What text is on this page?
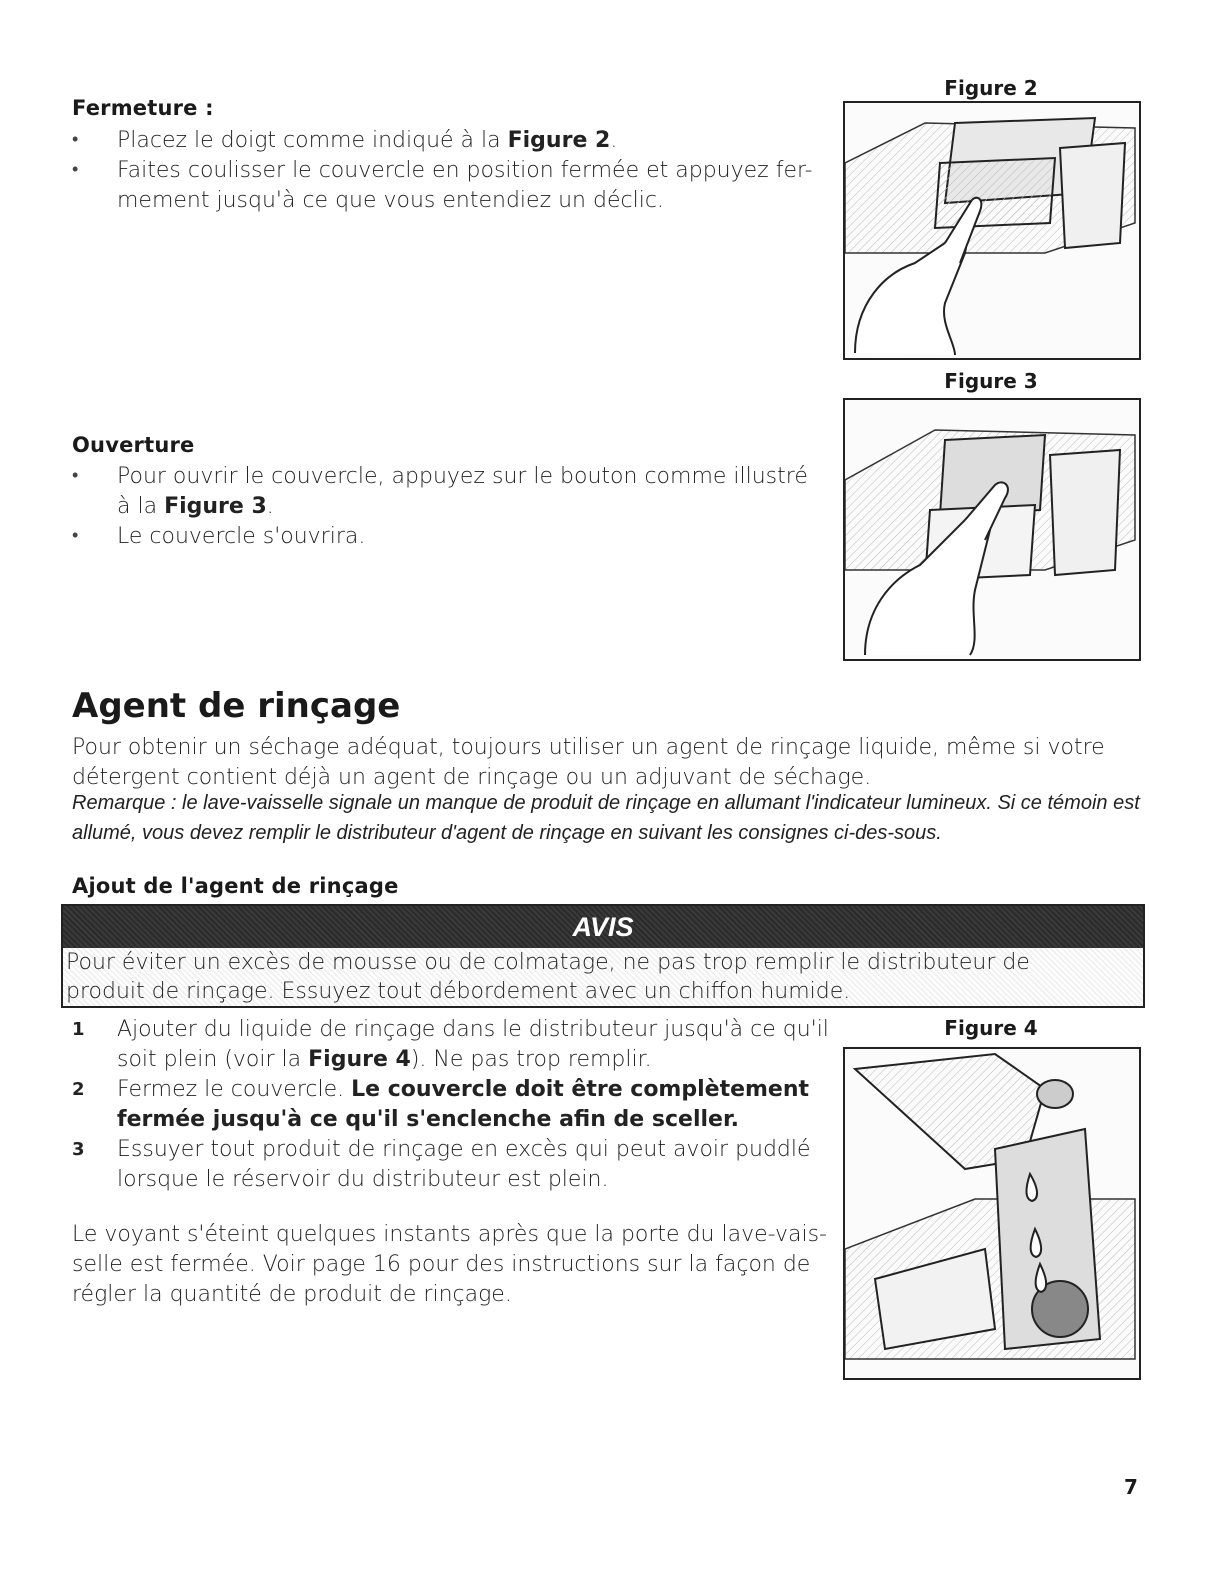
Fermeture :
• Placez le doigt comme indiqué à la Figure 2.
• Faites coulisser le couvercle en position fermée et appuyez fer-
mement jusqu'à ce que vous entendiez un déclic.
Figure 2
Ouverture
• Pour ouvrir le couvercle, appuyez sur le bouton comme illustré
à la Figure 3.
• Le couvercle s'ouvrira.
Figure 3
Agent de rinçage
Pour obtenir un séchage adéquat, toujours utiliser un agent de rinçage liquide, même si votre détergent contient déjà un agent de rinçage ou un adjuvant de séchage.
Remarque : le lave-vaisselle signale un manque de produit de rinçage en allumant l'indicateur lumineux. Si ce témoin est allumé, vous devez remplir le distributeur d'agent de rinçage en suivant les consignes ci-des-sous.
Ajout de l'agent de rinçage
AVIS
Pour éviter un excès de mousse ou de colmatage, ne pas trop remplir le distributeur de
produit de rinçage. Essuyez tout débordement avec un chiffon humide.
1 Ajouter du liquide de rinçage dans le distributeur jusqu'à ce qu'il soit plein (voir la Figure 4). Ne pas trop remplir.
2 Fermez le couvercle. Le couvercle doit être complètement fermée jusqu'à ce qu'il s'enclenche afin de sceller.
3 Essuyer tout produit de rinçage en excès qui peut avoir puddlé lorsque le réservoir du distributeur est plein.
Le voyant s'éteint quelques instants après que la porte du lave-vais-selle est fermée. Voir page 16 pour des instructions sur la façon de régler la quantité de produit de rinçage.
Figure 4
7
